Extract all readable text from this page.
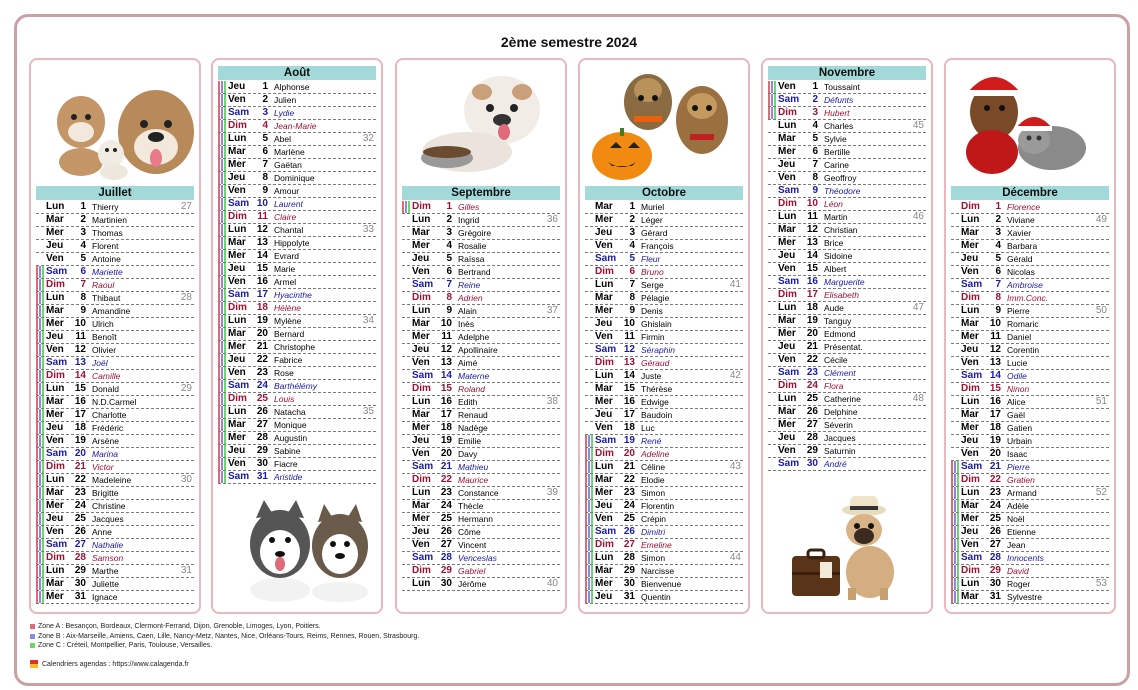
2ème semestre 2024
Juillet
Lun	1 Thierry	27
Mar	2 Martinien
Mer	3 Thomas
Jeu	4 Florent
Ven	5 Antoine
Sam	6 Mariette
Dim	7 Raoul
Lun	8 Thibaut	28
Mar	9 Amandine
Mer	10 Ulrich
Jeu	11 Benoît
Ven	12 Olivier
Sam 13 Joël
Dim 14 Camille
Lun	15 Donald	29
Mar	16 N.D.Carmel
Mer	17 Charlotte
Jeu	18 Frédéric
Ven	19 Arsène
Sam 20 Marina
Dim 21 Victor
Lun	22 Madeleine	30
Mar	23 Brigitte
Mer	24 Christine
Jeu	25 Jacques
Ven	26 Anne
Sam 27 Nathalie
Dim 28 Samson
Lun	29 Marthe	31
Mar	30 Juliette
Mer	31 Ignace
Août
Jeu	1 Alphonse
Ven	2 Julien
Sam	3 Lydie
Dim	4 Jean-Marie
Lun	5 Abel	32
Mar	6 Marlène
Mer	7 Gaëtan
Jeu	8 Dominique
Ven	9 Amour
Sam 10 Laurent
Dim	11 Claire
Lun	12 Chantal	33
Mar	13 Hippolyte
Mer	14 Evrard
Jeu	15 Marie
Ven	16 Armel
Sam 17 Hyacinthe
Dim 18 Hélène
Lun	19 Mylène	34
Mar	20 Bernard
Mer	21 Christophe
Jeu	22 Fabrice
Ven	23 Rose
Sam 24 Barthélémy
Dim 25 Louis
Lun	26 Natacha	35
Mar	27 Monique
Mer	28 Augustin
Jeu	29 Sabine
Ven	30 Fiacre
Sam 31 Aristide
Septembre
Dim	1 Gilles
Lun	2 Ingrid	36
Mar	3 Grégoire
Mer	4 Rosalie
Jeu	5 Raïssa
Ven	6 Bertrand
Sam	7 Reine
Dim	8 Adrien
Lun	9 Alain	37
Mar	10 Inès
Mer	11 Adelphe
Jeu	12 Apollinaire
Ven	13 Aimé
Sam 14 Materne
Dim 15 Roland
Lun	16 Edith	38
Mar	17 Renaud
Mer	18 Nadège
Jeu	19 Emilie
Ven	20 Davy
Sam 21 Mathieu
Dim 22 Maurice
Lun	23 Constance	39
Mar	24 Thècle
Mer	25 Hermann
Jeu	26 Côme
Ven	27 Vincent
Sam 28 Venceslas
Dim 29 Gabriel
Lun	30 Jérôme	40
Octobre
Mar	1 Muriel
Mer	2 Léger
Jeu	3 Gérard
Ven	4 François
Sam	5 Fleur
Dim	6 Bruno
Lun	7 Serge	41
Mar	8 Pélagie
Mer	9 Denis
Jeu	10 Ghislain
Ven	11 Firmin
Sam 12 Séraphin
Dim 13 Géraud
Lun	14 Juste	42
Mar	15 Thérèse
Mer	16 Edwige
Jeu	17 Baudoin
Ven	18 Luc
Sam 19 René
Dim 20 Adeline
Lun	21 Céline	43
Mar	22 Elodie
Mer	23 Simon
Jeu	24 Florentin
Ven	25 Crépin
Sam 26 Dimitri
Dim 27 Emeline
Lun	28 Simon	44
Mar	29 Narcisse
Mer	30 Bienvenue
Jeu	31 Quentin
Novembre
Ven	1 Toussaint
Sam	2 Défunts
Dim	3 Hubert
Lun	4 Charles	45
Mar	5 Sylvie
Mer	6 Bertille
Jeu	7 Carine
Ven	8 Geoffroy
Sam	9 Théodore
Dim 10 Léon
Lun	11 Martin	46
Mar	12 Christian
Mer	13 Brice
Jeu	14 Sidoine
Ven	15 Albert
Sam 16 Marguerite
Dim 17 Elisabeth
Lun	18 Aude	47
Mar	19 Tanguy
Mer	20 Edmond
Jeu	21 Présentat.
Ven	22 Cécile
Sam 23 Clément
Dim 24 Flora
Lun	25 Catherine	48
Mar	26 Delphine
Mer	27 Séverin
Jeu	28 Jacques
Ven	29 Saturnin
Sam 30 André
Décembre
Dim	1 Florence
Lun	2 Viviane	49
Mar	3 Xavier
Mer	4 Barbara
Jeu	5 Gérald
Ven	6 Nicolas
Sam	7 Ambroise
Dim	8 Imm.Conc.
Lun	9 Pierre	50
Mar	10 Romaric
Mer	11 Daniel
Jeu	12 Corentin
Ven	13 Lucie
Sam 14 Odile
Dim 15 Ninon
Lun	16 Alice	51
Mar	17 Gaël
Mer	18 Gatien
Jeu	19 Urbain
Ven	20 Isaac
Sam 21 Pierre
Dim 22 Gratien
Lun	23 Armand	52
Mar	24 Adèle
Mer	25 Noël
Jeu	26 Etienne
Ven	27 Jean
Sam 28 Innocents
Dim 29 David
Lun	30 Roger	53
Mar	31 Sylvestre
Zone A : Besançon, Bordeaux, Clermont-Ferrand, Dijon, Grenoble, Limoges, Lyon, Poitiers.
Zone B : Aix-Marseille, Amiens, Caen, Lille, Nancy-Metz, Nantes, Nice, Orléans-Tours, Reims, Rennes, Rouen, Strasbourg.
Zone C : Créteil, Montpellier, Paris, Toulouse, Versailles.
Calendriers agendas : https://www.calagenda.fr
